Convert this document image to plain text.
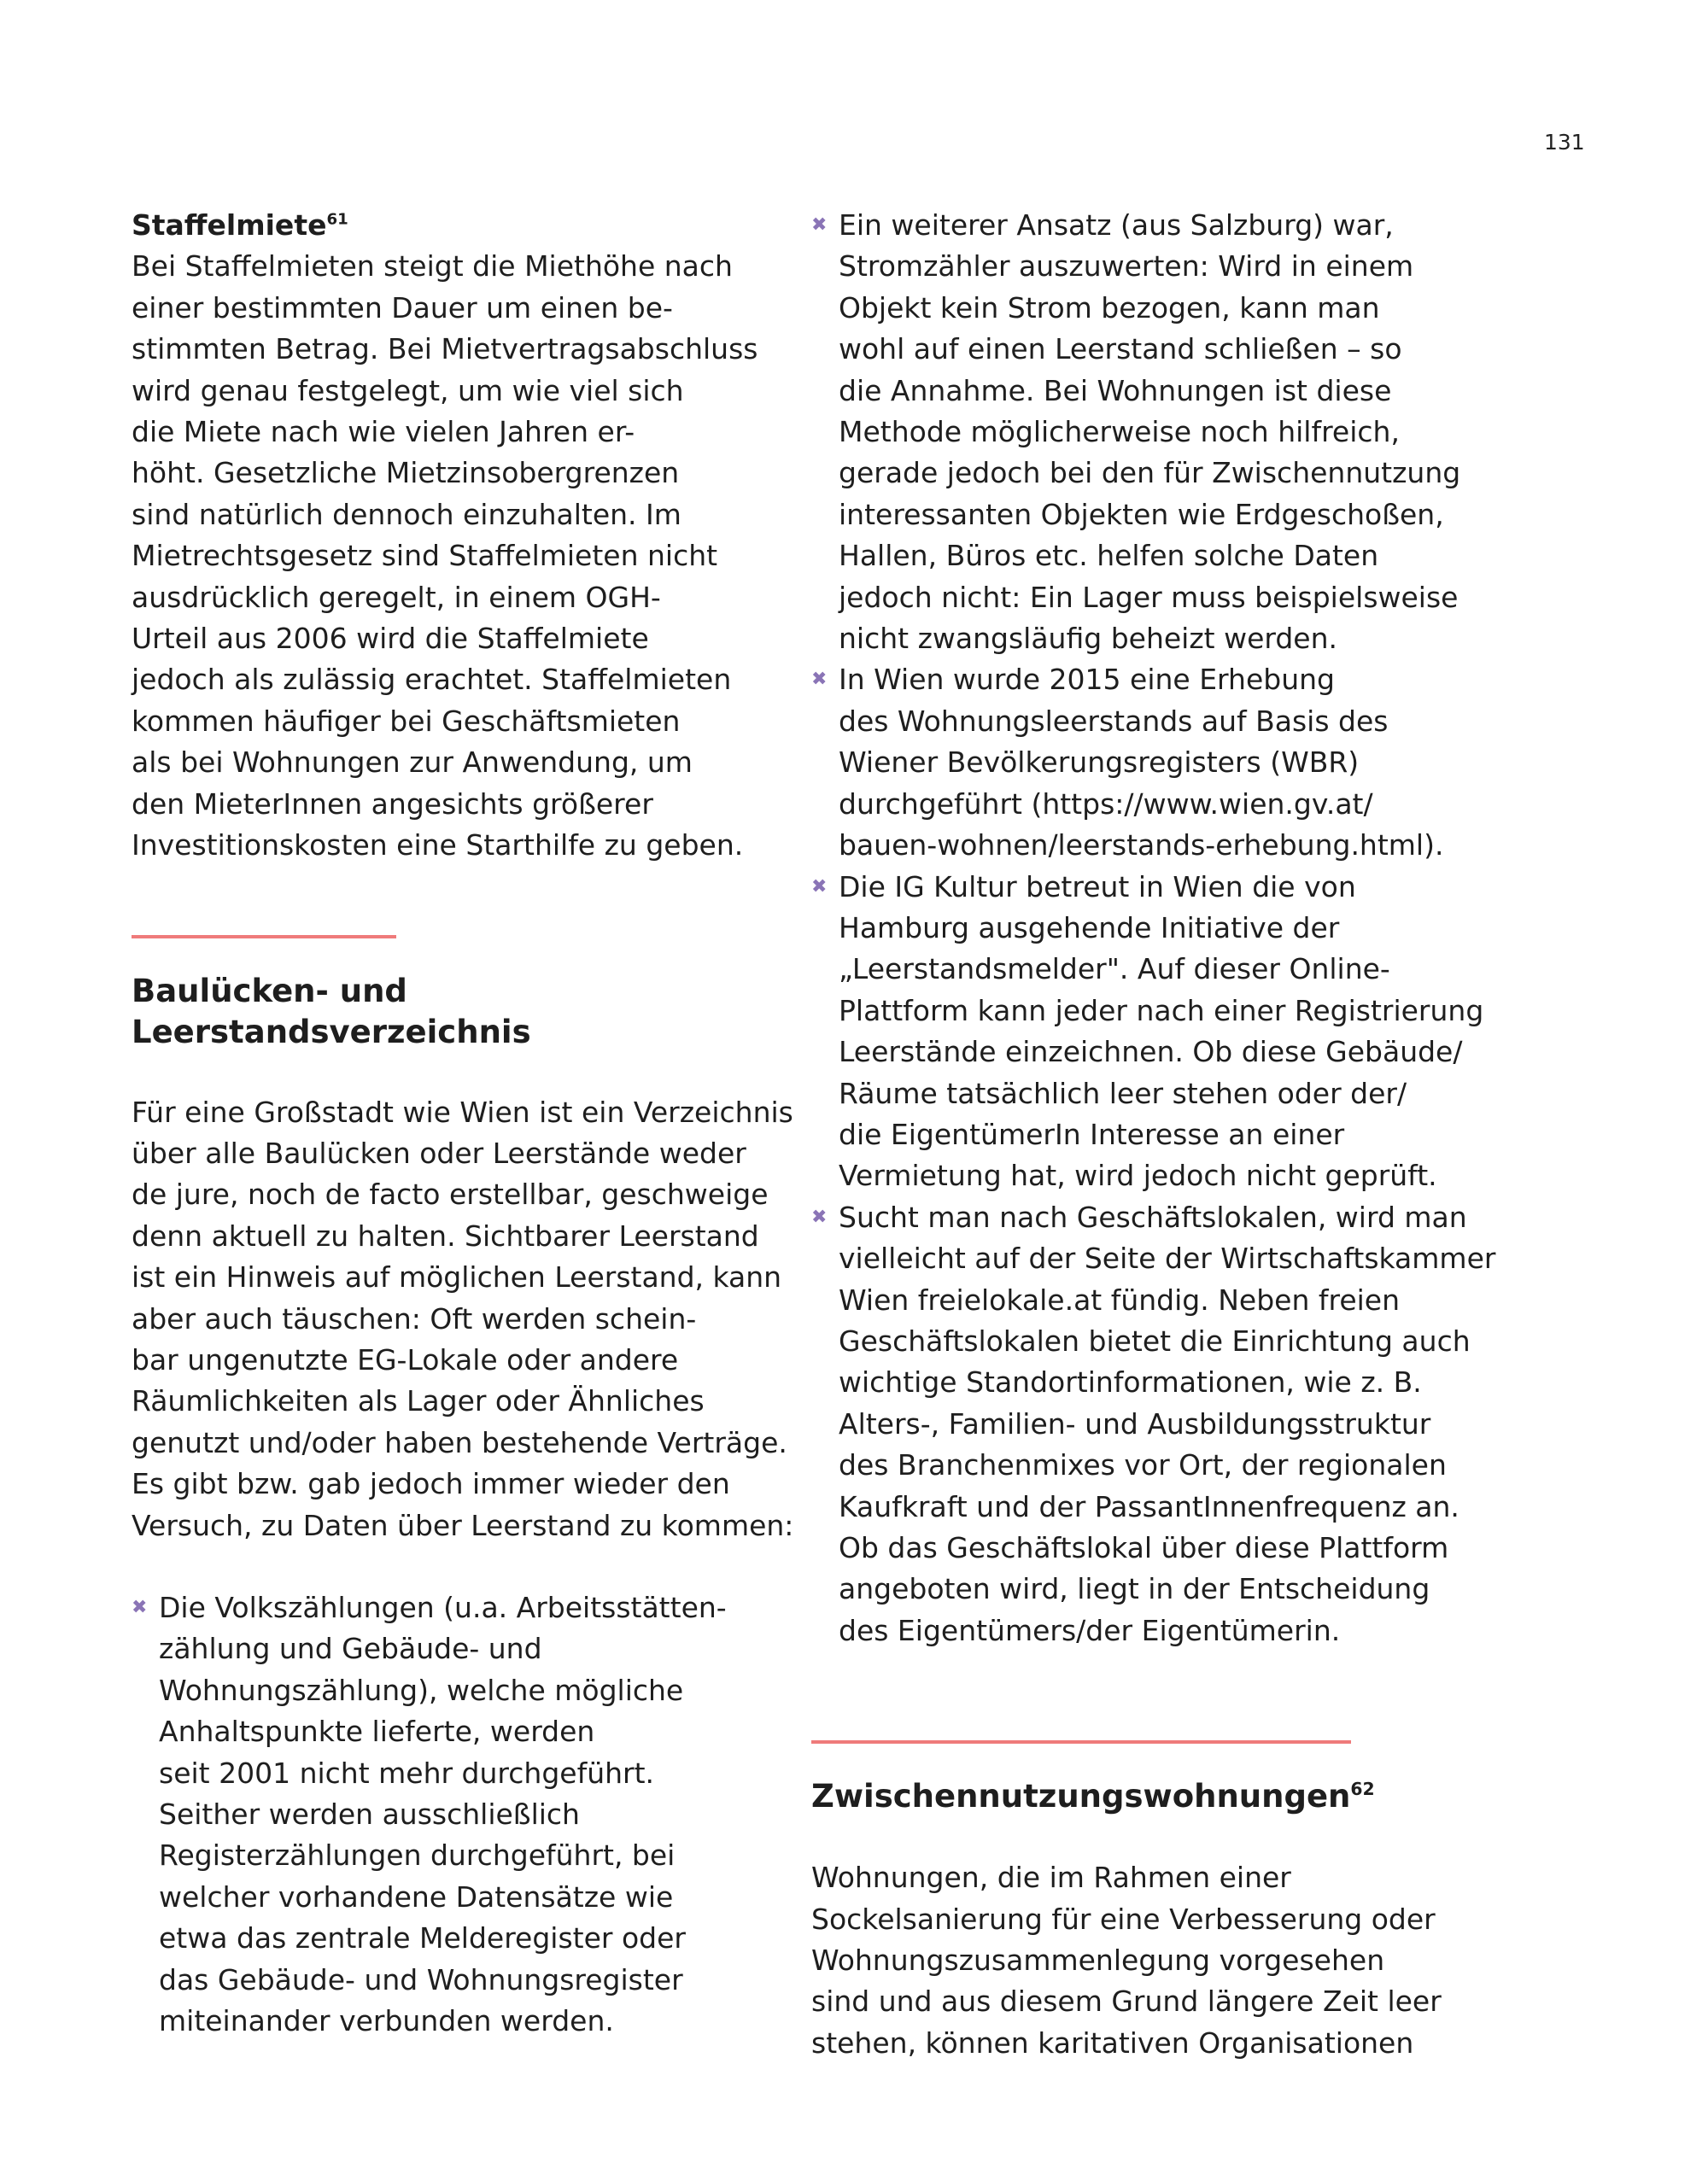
131
Staffelmiete$^{61}$

Bei Staffelmieten steigt die Miethöhe nach
einer bestimmten Dauer um einen be-
stimmten Betrag. Bei Mietvertragsabschluss
wird genau festgelegt, um wie viel sich
die Miete nach wie vielen Jahren er-
höht. Gesetzliche Mietzinsobergrenzen
sind natürlich dennoch einzuhalten. Im
Mietrechtsgesetz sind Staffelmieten nicht
ausdrücklich geregelt, in einem OGH-
Urteil aus 2006 wird die Staffelmiete
jedoch als zulässig erachtet. Staffelmieten
kommen häufiger bei Geschäftsmieten
als bei Wohnungen zur Anwendung, um
den MieterInnen angesichts größerer
Investitionskosten eine Starthilfe zu geben.

Baulücken- und
Leerstandsverzeichnis

Für eine Großstadt wie Wien ist ein Verzeichnis
über alle Baulücken oder Leerstände weder
de jure, noch de facto erstellbar, geschweige
denn aktuell zu halten. Sichtbarer Leerstand
ist ein Hinweis auf möglichen Leerstand, kann
aber auch täuschen: Oft werden schein-
bar ungenutzte EG-Lokale oder andere
Räumlichkeiten als Lager oder Ähnliches
genutzt und/oder haben bestehende Verträge.
Es gibt bzw. gab jedoch immer wieder den
Versuch, zu Daten über Leerstand zu kommen:

✖ Die Volkszählungen (u.a. Arbeitsstätten-
zählung und Gebäude- und
Wohnungszählung), welche mögliche
Anhaltspunkte lieferte, werden
seit 2001 nicht mehr durchgeführt.
Seither werden ausschließlich
Registerzählungen durchgeführt, bei
welcher vorhandene Datensätze wie
etwa das zentrale Melderegister oder
das Gebäude- und Wohnungsregister
miteinander verbunden werden.
✖ Ein weiterer Ansatz (aus Salzburg) war,
Stromzähler auszuwerten: Wird in einem
Objekt kein Strom bezogen, kann man
wohl auf einen Leerstand schließen – so
die Annahme. Bei Wohnungen ist diese
Methode möglicherweise noch hilfreich,
gerade jedoch bei den für Zwischennutzung
interessanten Objekten wie Erdgeschoßen,
Hallen, Büros etc. helfen solche Daten
jedoch nicht: Ein Lager muss beispielsweise
nicht zwangsläufig beheizt werden.
✖ In Wien wurde 2015 eine Erhebung
des Wohnungsleerstands auf Basis des
Wiener Bevölkerungsregisters (WBR)
durchgeführt (https://www.wien.gv.at/
bauen-wohnen/leerstands-erhebung.html).
✖ Die IG Kultur betreut in Wien die von
Hamburg ausgehende Initiative der
„Leerstandsmelder". Auf dieser Online-
Plattform kann jeder nach einer Registrierung
Leerstände einzeichnen. Ob diese Gebäude/
Räume tatsächlich leer stehen oder der/
die EigentümerIn Interesse an einer
Vermietung hat, wird jedoch nicht geprüft.
✖ Sucht man nach Geschäftslokalen, wird man
vielleicht auf der Seite der Wirtschaftskammer
Wien freielokale.at fündig. Neben freien
Geschäftslokalen bietet die Einrichtung auch
wichtige Standortinformationen, wie z. B.
Alters-, Familien- und Ausbildungsstruktur
des Branchenmixes vor Ort, der regionalen
Kaufkraft und der PassantInnenfrequenz an.
Ob das Geschäftslokal über diese Plattform
angeboten wird, liegt in der Entscheidung
des Eigentümers/der Eigentümerin.
Zwischennutzungswohnungen$^{62}$

Wohnungen, die im Rahmen einer
Sockelsanierung für eine Verbesserung oder
Wohnungszusammenlegung vorgesehen
sind und aus diesem Grund längere Zeit leer
stehen, können karitativen Organisationen
